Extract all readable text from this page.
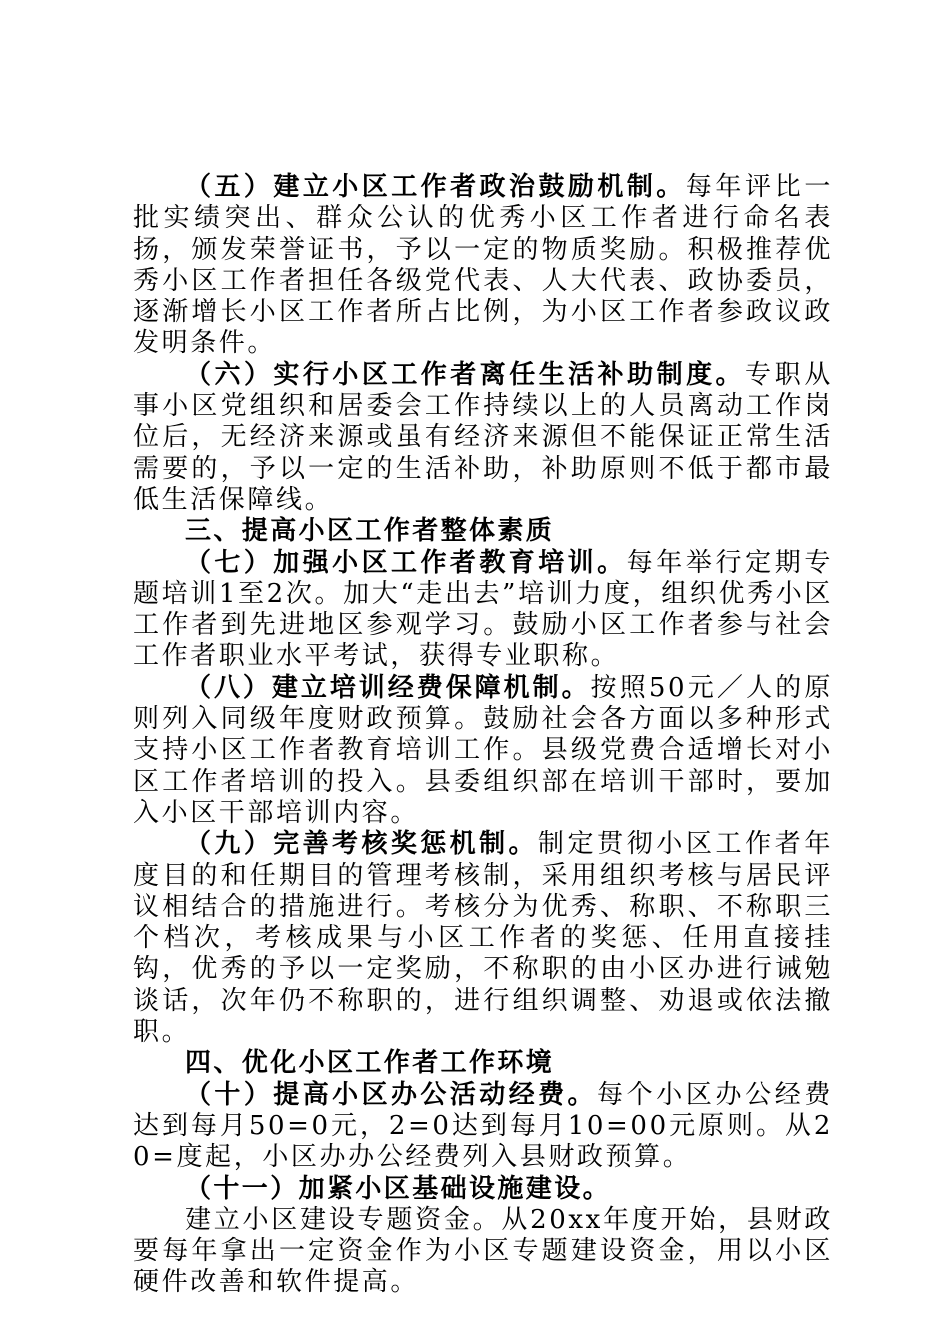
（五）建立小区工作者政治鼓励机制。每年评比一批实绩突出、群众公认的优秀小区工作者进行命名表扬，颁发荣誉证书，予以一定的物质奖励。积极推荐优秀小区工作者担任各级党代表、人大代表、政协委员，逐渐增长小区工作者所占比例，为小区工作者参政议政发明条件。

（六）实行小区工作者离任生活补助制度。专职从事小区党组织和居委会工作持续以上的人员离动工作岗位后，无经济来源或虽有经济来源但不能保证正常生活需要的，予以一定的生活补助，补助原则不低于都市最低生活保障线。

三、提高小区工作者整体素质

（七）加强小区工作者教育培训。每年举行定期专题培训1至2次。加大“走出去”培训力度，组织优秀小区工作者到先进地区参观学习。鼓励小区工作者参与社会工作者职业水平考试，获得专业职称。

（八）建立培训经费保障机制。按照50元／人的原则列入同级年度财政预算。鼓励社会各方面以多种形式支持小区工作者教育培训工作。县级党费合适增长对小区工作者培训的投入。县委组织部在培训干部时，要加入小区干部培训内容。

（九）完善考核奖惩机制。制定贯彻小区工作者年度目的和任期目的管理考核制，采用组织考核与居民评议相结合的措施进行。考核分为优秀、称职、不称职三个档次，考核成果与小区工作者的奖惩、任用直接挂钩，优秀的予以一定奖励，不称职的由小区办进行诫勉谈话，次年仍不称职的，进行组织调整、劝退或依法撤职。

四、优化小区工作者工作环境

（十）提高小区办公活动经费。每个小区办公经费达到每月50=0元，2=0达到每月10=00元原则。从20=度起，小区办办公经费列入县财政预算。

（十一）加紧小区基础设施建设。

建立小区建设专题资金。从20xx年度开始，县财政要每年拿出一定资金作为小区专题建设资金，用以小区硬件改善和软件提高。
